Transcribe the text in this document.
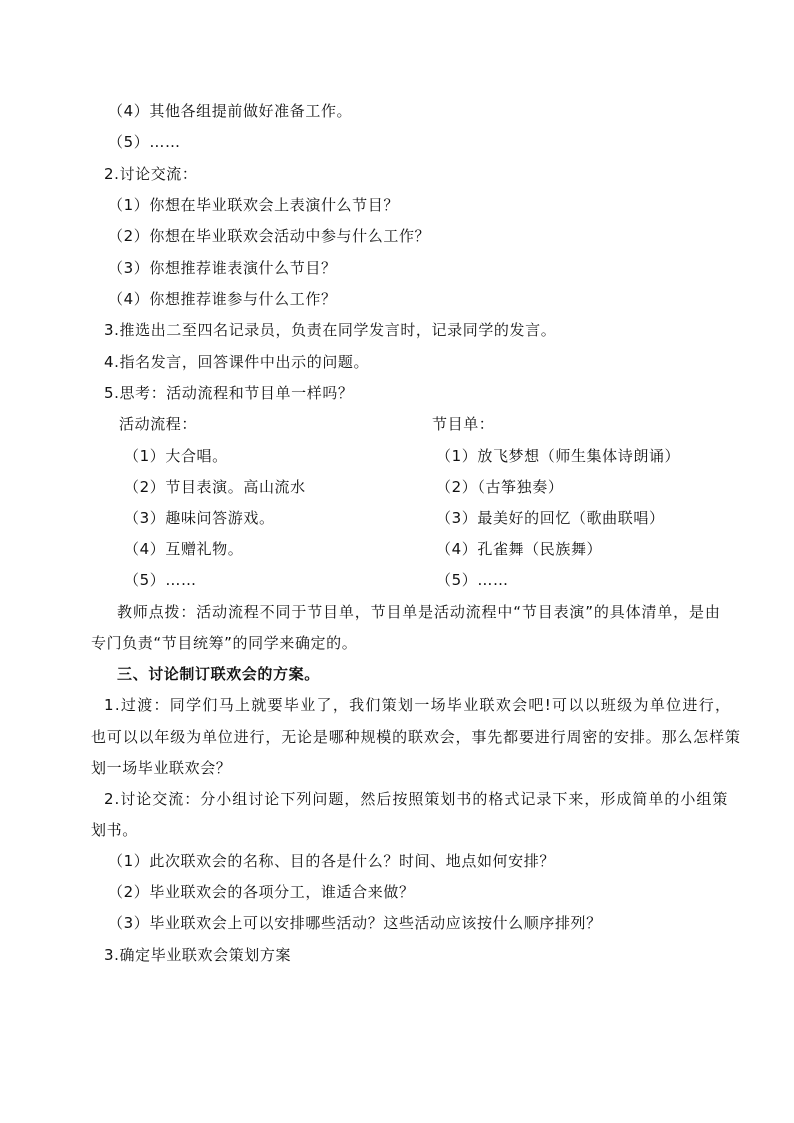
（4）其他各组提前做好准备工作。
（5）……
2.讨论交流：
（1）你想在毕业联欢会上表演什么节目？
（2）你想在毕业联欢会活动中参与什么工作？
（3）你想推荐谁表演什么节目？
（4）你想推荐谁参与什么工作？
3.推选出二至四名记录员，负责在同学发言时，记录同学的发言。
4.指名发言，回答课件中出示的问题。
5.思考：活动流程和节目单一样吗？
活动流程：
（1）大合唱。
（2）节目表演。高山流水
（3）趣味问答游戏。
（4）互赠礼物。
（5）……
节目单：
（1）放飞梦想（师生集体诗朗诵）
（2）（古筝独奏）
（3）最美好的回忆（歌曲联唱）
（4）孔雀舞（民族舞）
（5）……
教师点拨：活动流程不同于节目单，节目单是活动流程中“节目表演”的具体清单，是由
专门负责“节目统筹”的同学来确定的。
三、讨论制订联欢会的方案。
1.过渡：同学们马上就要毕业了，我们策划一场毕业联欢会吧!可以以班级为单位进行，
也可以以年级为单位进行，无论是哪种规模的联欢会，事先都要进行周密的安排。那么怎样策
划一场毕业联欢会？
2.讨论交流：分小组讨论下列问题，然后按照策划书的格式记录下来，形成简单的小组策
划书。
（1）此次联欢会的名称、目的各是什么？时间、地点如何安排？
（2）毕业联欢会的各项分工，谁适合来做？
（3）毕业联欢会上可以安排哪些活动？这些活动应该按什么顺序排列？
3.确定毕业联欢会策划方案
